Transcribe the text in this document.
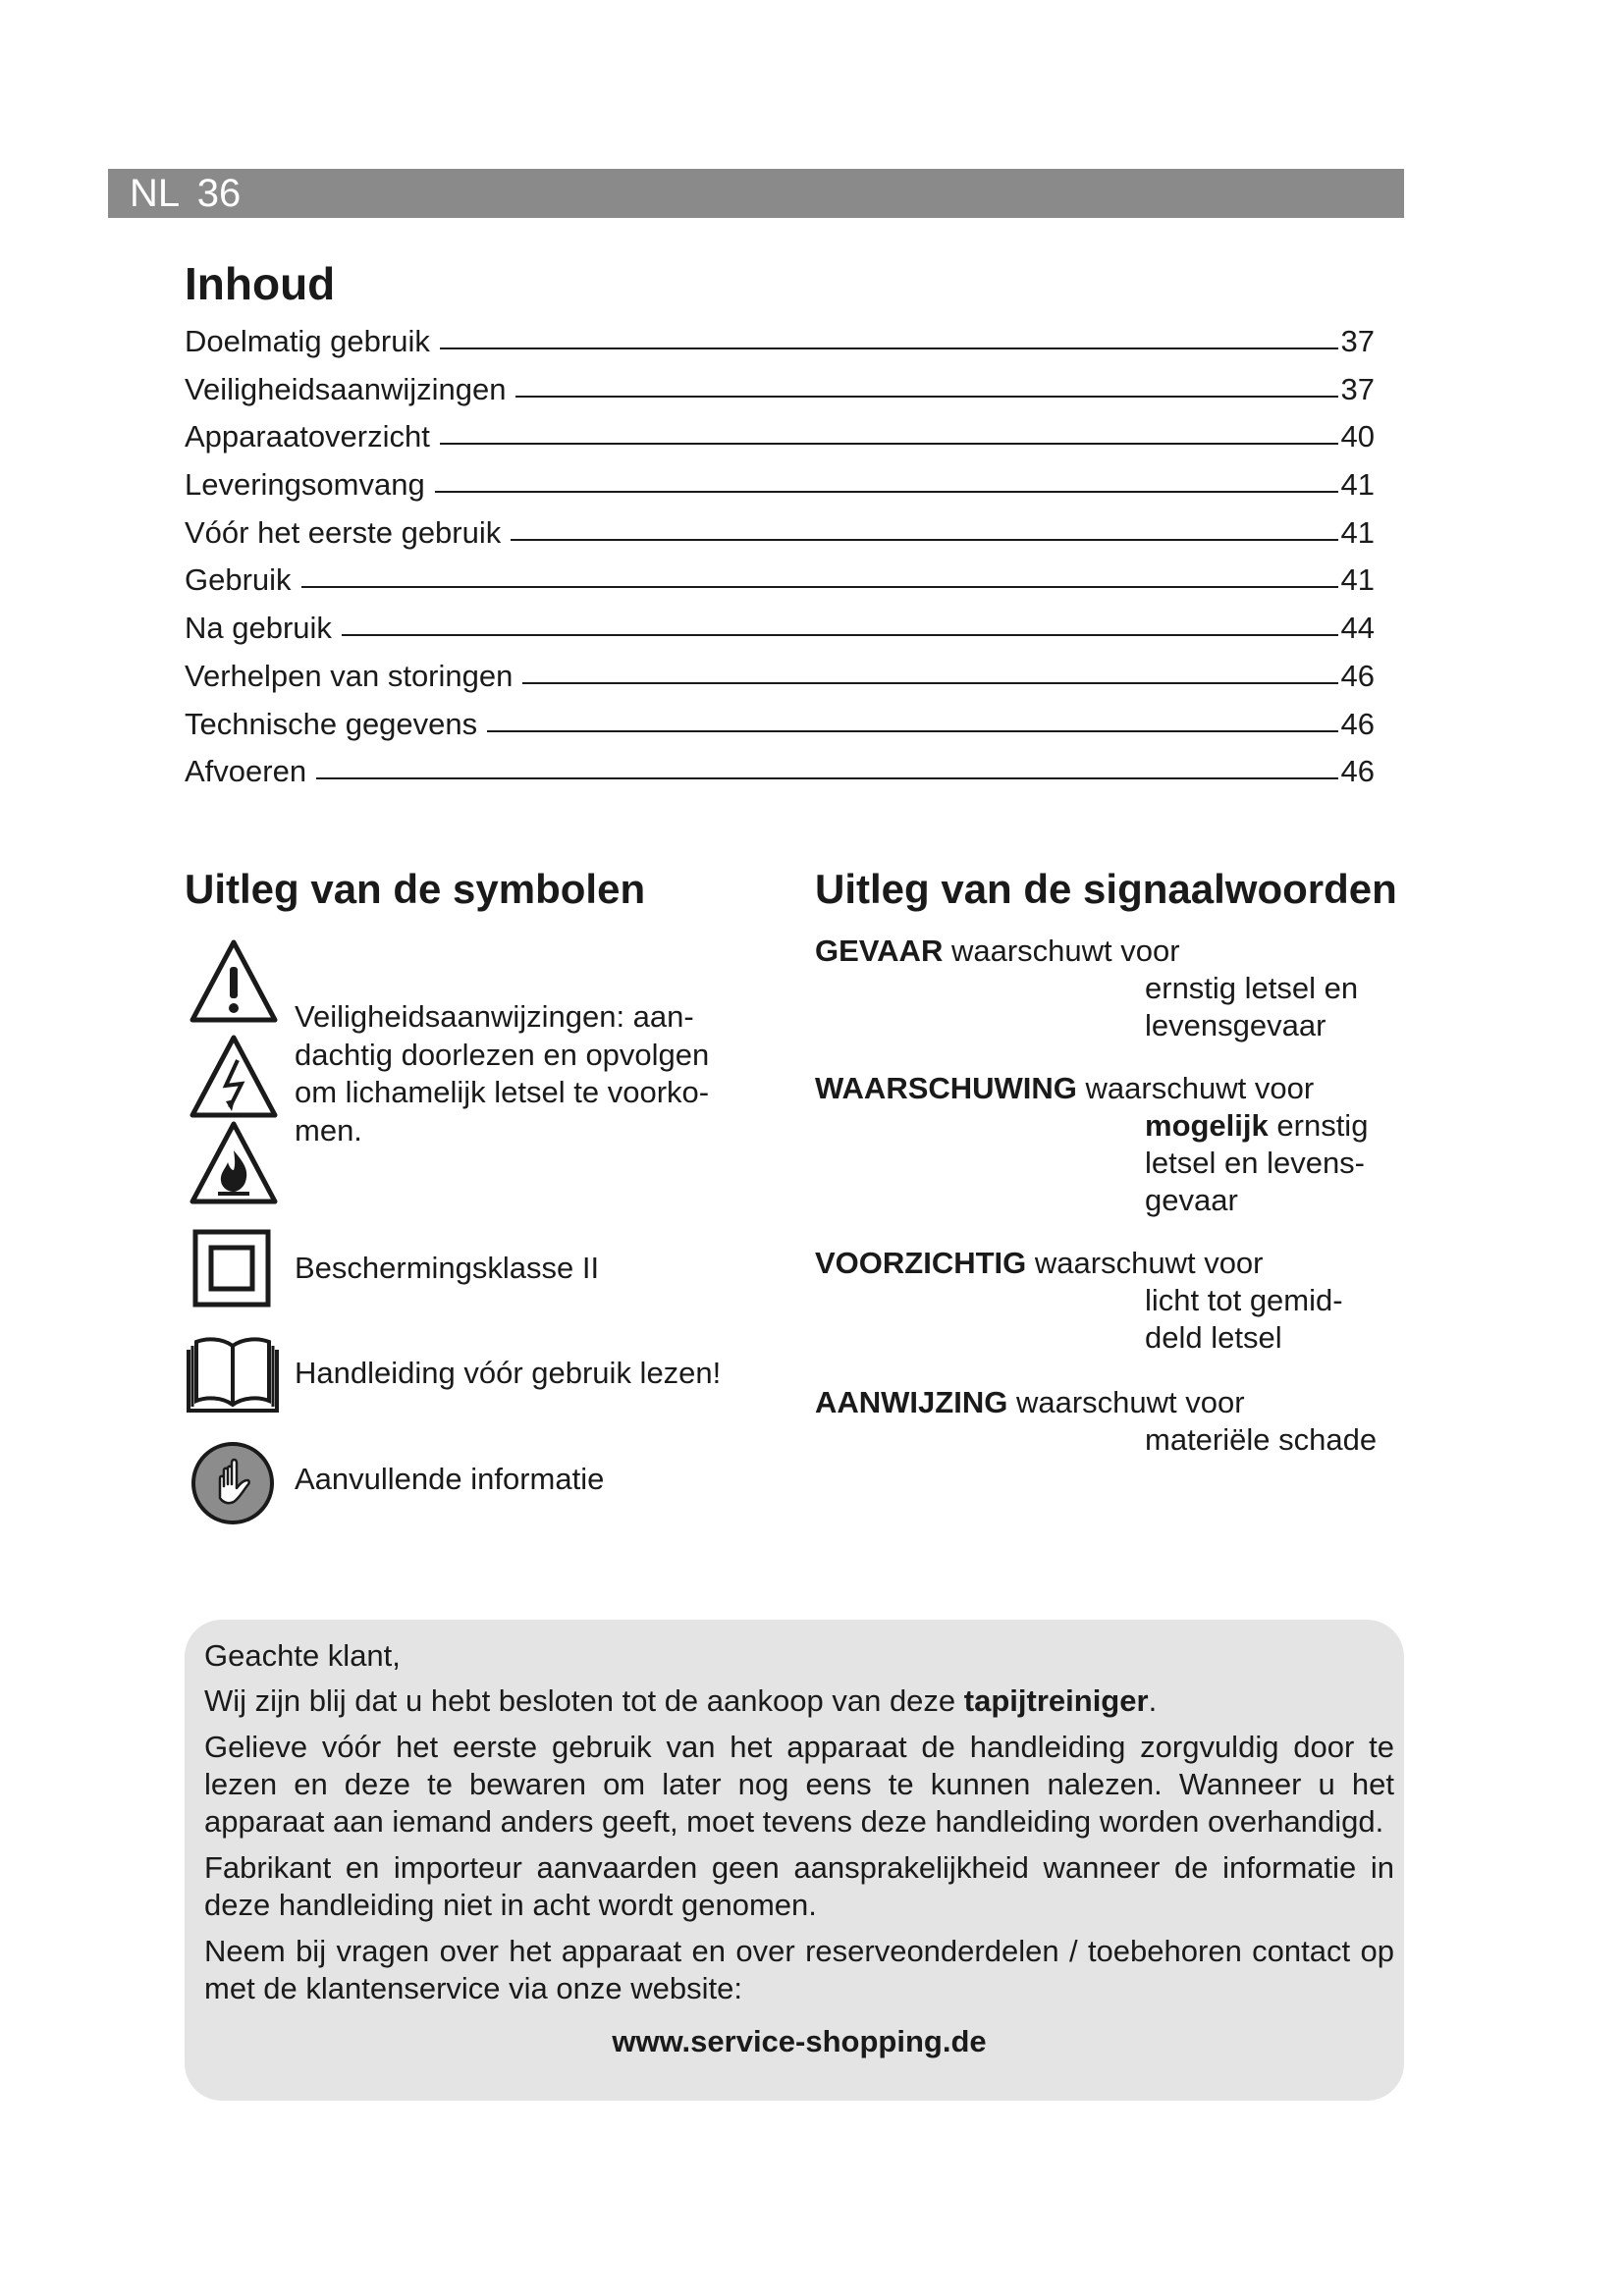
NL 36
Inhoud
Doelmatig gebruik	37
Veiligheidsaanwijzingen	37
Apparaatoverzicht	40
Leveringsomvang	41
Vóór het eerste gebruik	41
Gebruik	41
Na gebruik	44
Verhelpen van storingen	46
Technische gegevens	46
Afvoeren	46
Uitleg van de symbolen
Veiligheidsaanwijzingen: aan-
dachtig doorlezen en opvolgen
om lichamelijk letsel te voorko-
men.
Beschermingsklasse II
Handleiding vóór gebruik lezen!
Aanvullende informatie
Uitleg van de signaalwoorden
GEVAAR waarschuwt voor
ernstig letsel en
levensgevaar
WAARSCHUWING waarschuwt voor
mogelijk ernstig
letsel en levens-
gevaar
VOORZICHTIG waarschuwt voor
licht tot gemid-
deld letsel
AANWIJZING waarschuwt voor
materiële schade

Geachte klant,

Wij zijn blij dat u hebt besloten tot de aankoop van deze tapijtreiniger.

Gelieve vóór het eerste gebruik van het apparaat de handleiding zorgvuldig door te lezen en deze te bewaren om later nog eens te kunnen nalezen. Wanneer u het apparaat aan iemand anders geeft, moet tevens deze handleiding worden overhandigd.

Fabrikant en importeur aanvaarden geen aansprakelijkheid wanneer de informatie in deze handleiding niet in acht wordt genomen.

Neem bij vragen over het apparaat en over reserveonderdelen / toebehoren contact op met de klantenservice via onze website:

www.service-shopping.de
